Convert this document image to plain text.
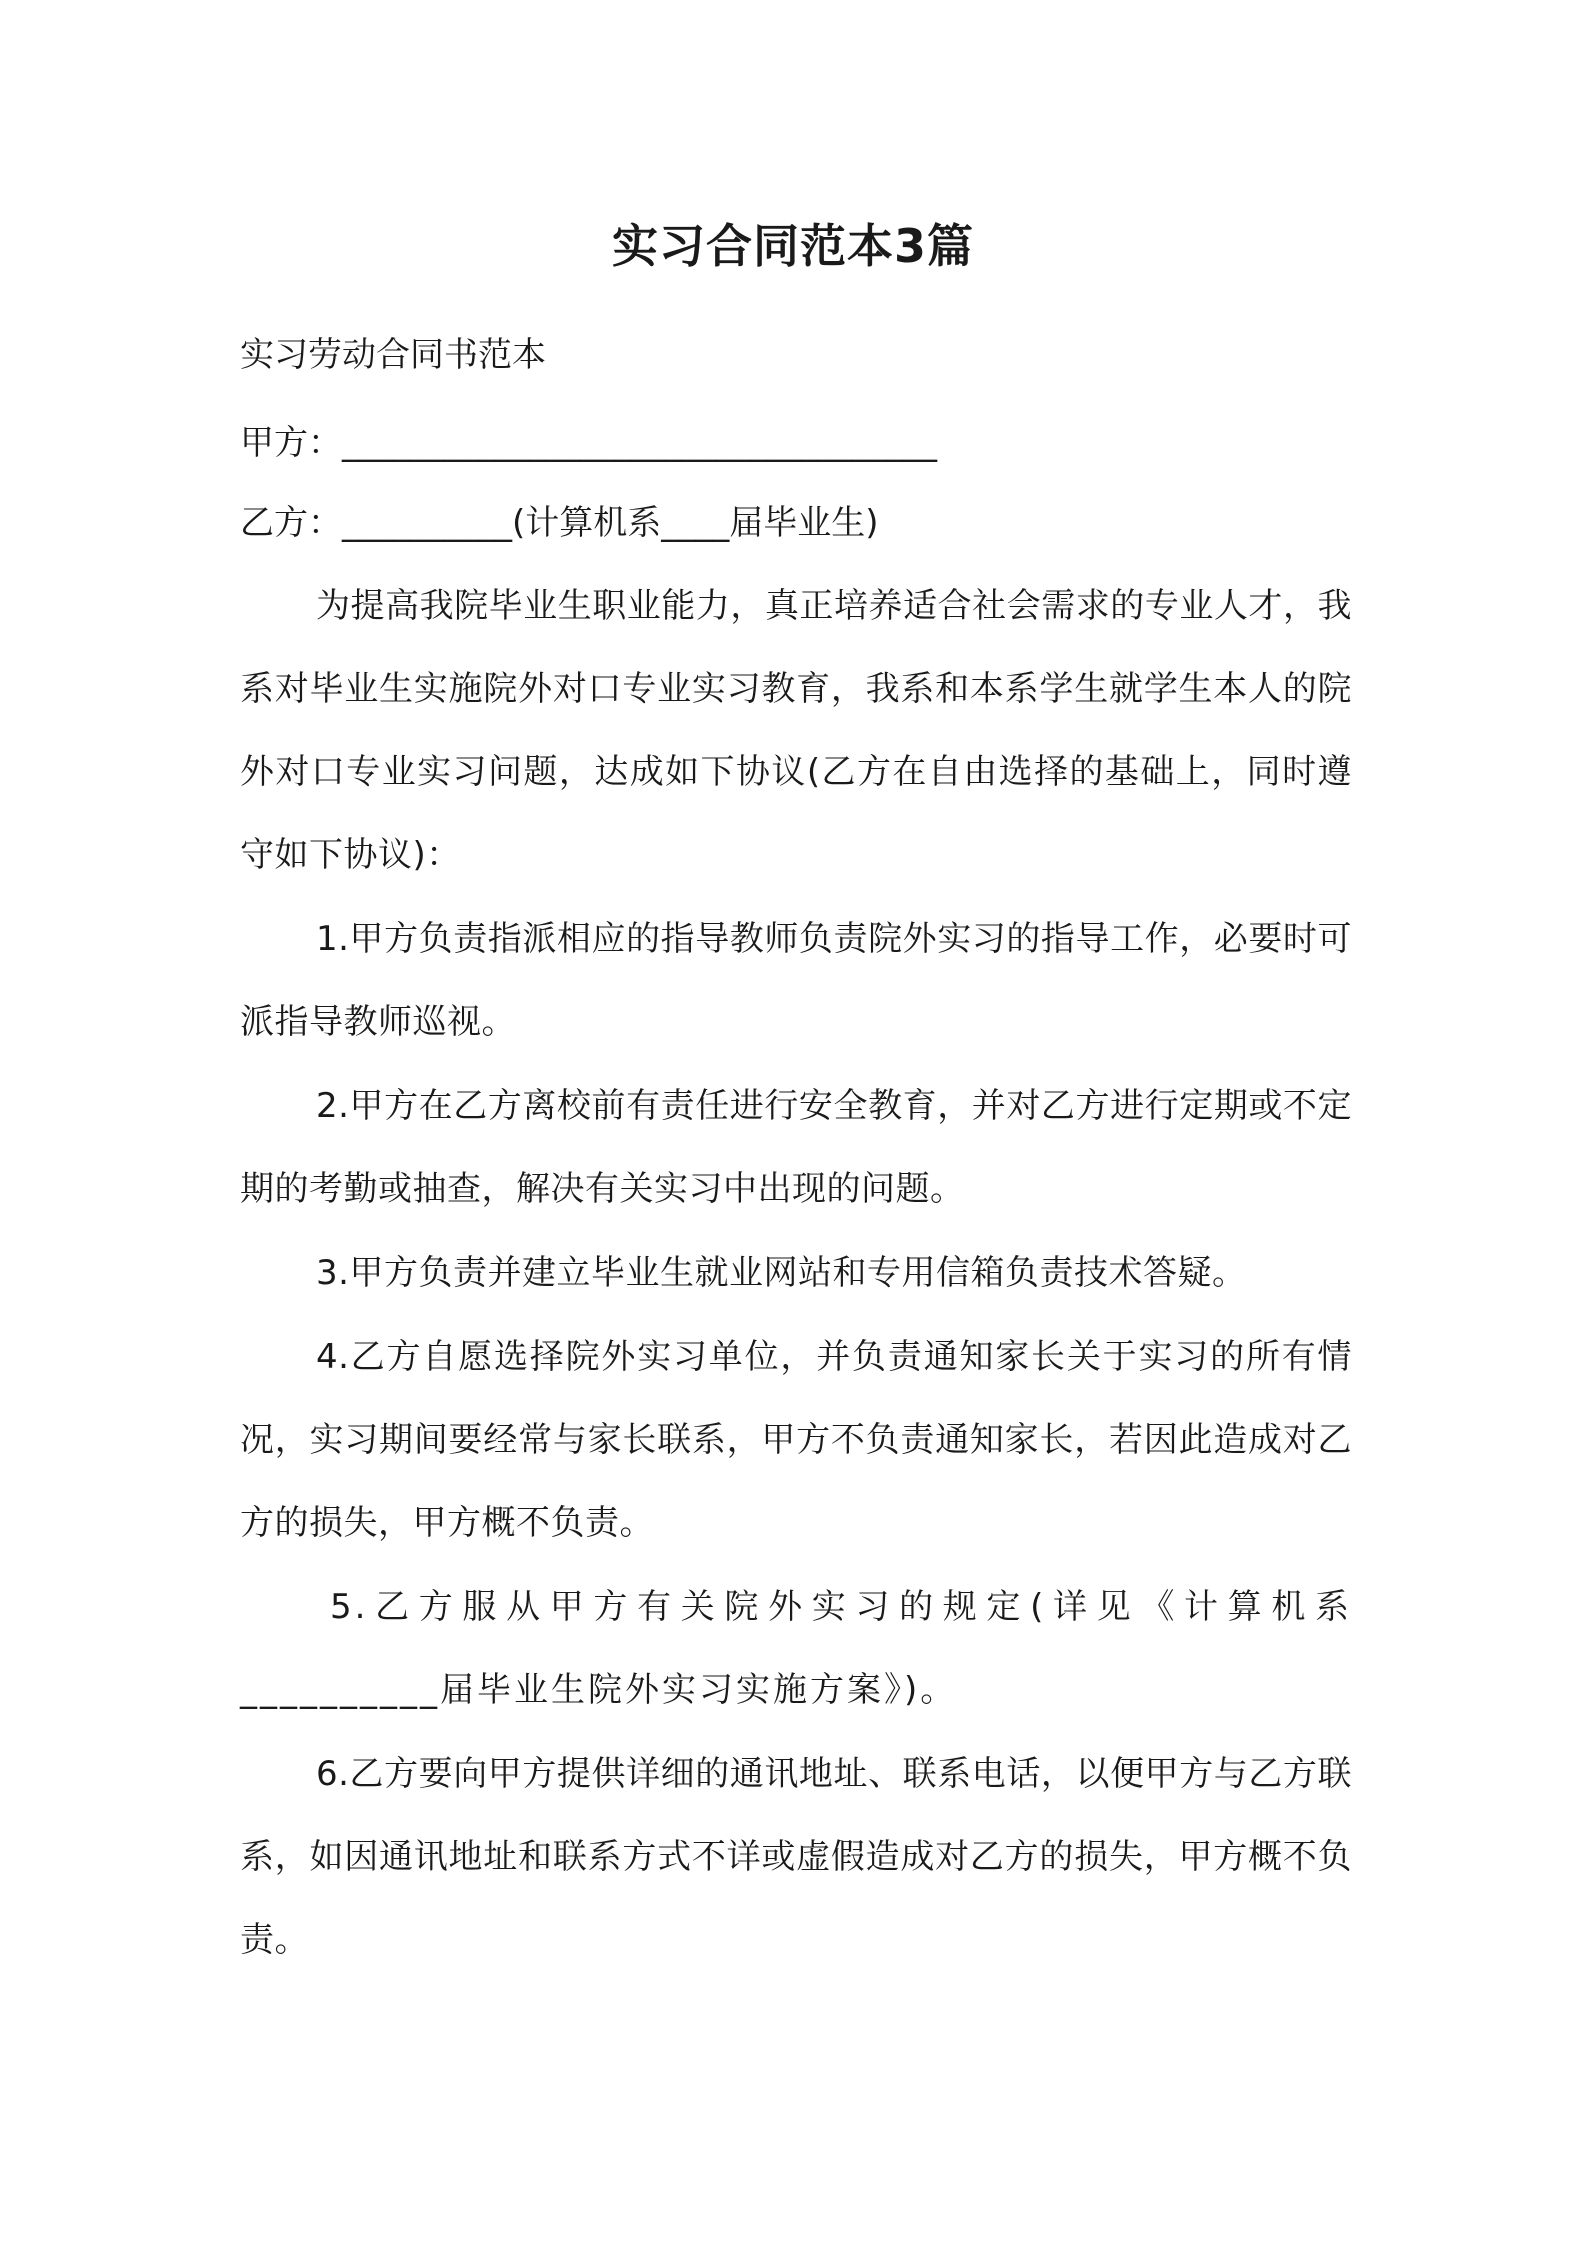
实习合同范本3篇

实习劳动合同书范本

甲方：___________________________________

乙方：__________(计算机系____届毕业生)

为提高我院毕业生职业能力，真正培养适合社会需求的专业人才，我系对毕业生实施院外对口专业实习教育，我系和本系学生就学生本人的院外对口专业实习问题，达成如下协议(乙方在自由选择的基础上，同时遵守如下协议)：

1.甲方负责指派相应的指导教师负责院外实习的指导工作，必要时可派指导教师巡视。

2.甲方在乙方离校前有责任进行安全教育，并对乙方进行定期或不定期的考勤或抽查，解决有关实习中出现的问题。

3.甲方负责并建立毕业生就业网站和专用信箱负责技术答疑。

4.乙方自愿选择院外实习单位，并负责通知家长关于实习的所有情况，实习期间要经常与家长联系，甲方不负责通知家长，若因此造成对乙方的损失，甲方概不负责。

5.乙方服从甲方有关院外实习的规定(详见《计算机系__________届毕业生院外实习实施方案》)。

6.乙方要向甲方提供详细的通讯地址、联系电话，以便甲方与乙方联系，如因通讯地址和联系方式不详或虚假造成对乙方的损失，甲方概不负责。
